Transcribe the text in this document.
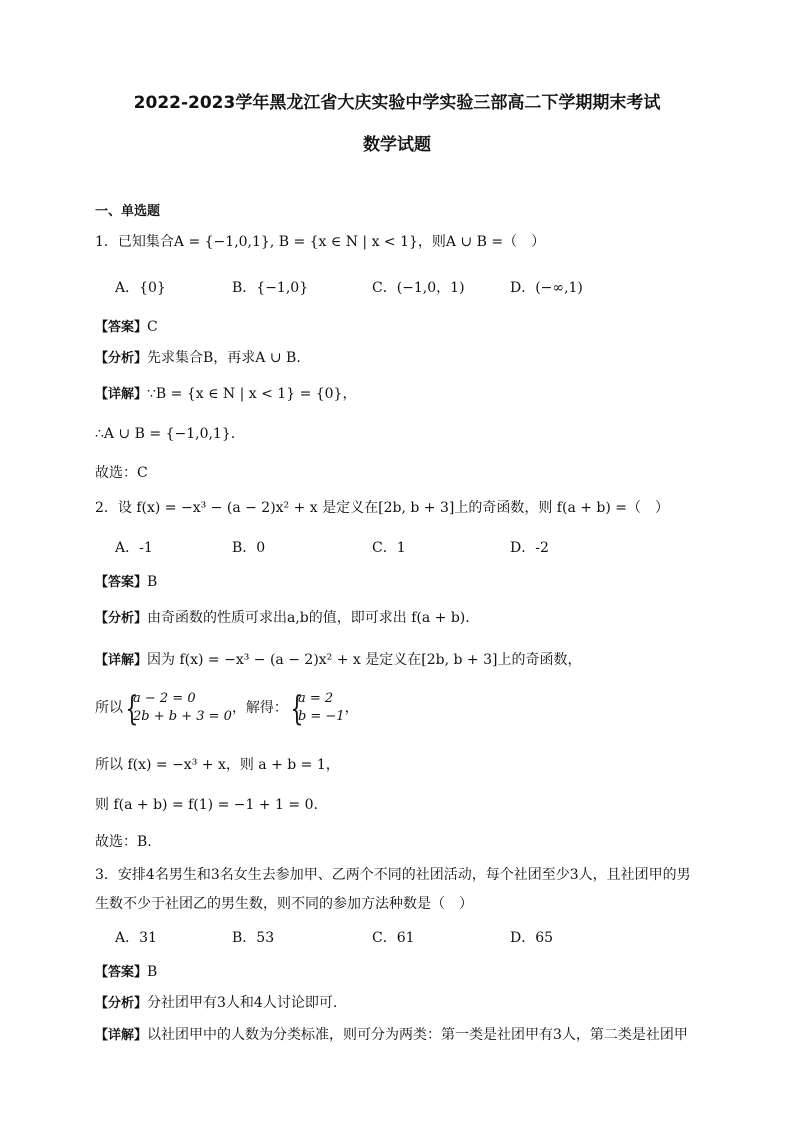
2022-2023学年黑龙江省大庆实验中学实验三部高二下学期期末考试
数学试题
一、单选题
1．已知集合A = {−1,0,1}, B = {x ∈ N | x < 1}，则A ∪ B =（　）
A．{0}	B．{−1,0}	C．(−1,0，1)	D．(−∞,1)
【答案】C
【分析】先求集合B，再求A ∪ B.
【详解】∵B = {x ∈ N | x < 1} = {0}，
∴A ∪ B = {−1,0,1}.
故选：C
2．设 f(x) = −x³ − (a − 2)x² + x 是定义在[2b, b + 3]上的奇函数，则 f(a + b) =（　）
A．-1	B．0	C．1	D．-2
【答案】B
【分析】由奇函数的性质可求出a,b的值，即可求出 f(a + b).
【详解】因为 f(x) = −x³ − (a − 2)x² + x 是定义在[2b, b + 3]上的奇函数，
所以{ a − 2 = 0
2b + b + 3 = 0，解得：{ a = 2
b = −1，
所以 f(x) = −x³ + x，则 a + b = 1，
则 f(a + b) = f(1) = −1 + 1 = 0.
故选：B.
3．安排4名男生和3名女生去参加甲、乙两个不同的社团活动，每个社团至少3人，且社团甲的男
生数不少于社团乙的男生数，则不同的参加方法种数是（　）
A．31	B．53	C．61	D．65
【答案】B
【分析】分社团甲有3人和4人讨论即可.
【详解】以社团甲中的人数为分类标准，则可分为两类：第一类是社团甲有3人，第二类是社团甲
